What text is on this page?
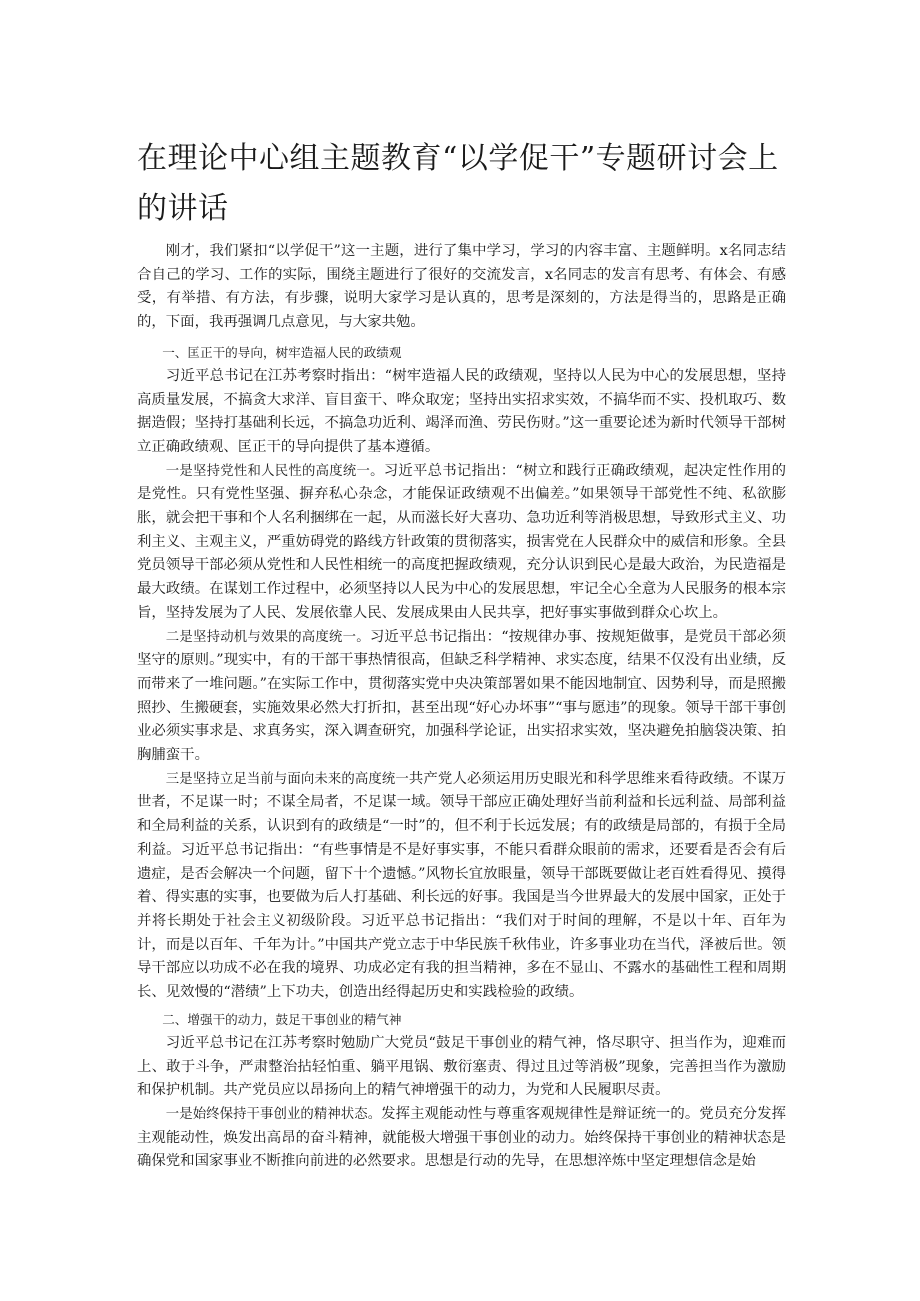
在理论中心组主题教育“以学促干”专题研讨会上的讲话

刚才，我们紧扣“以学促干”这一主题，进行了集中学习，学习的内容丰富、主题鲜明。x名同志结合自己的学习、工作的实际，围绕主题进行了很好的交流发言，x名同志的发言有思考、有体会、有感受，有举措、有方法，有步骤，说明大家学习是认真的，思考是深刻的，方法是得当的，思路是正确的，下面，我再强调几点意见，与大家共勉。

一、匡正干的导向，树牢造福人民的政绩观

习近平总书记在江苏考察时指出：“树牢造福人民的政绩观，坚持以人民为中心的发展思想，坚持高质量发展，不搞贪大求洋、盲目蛮干、哗众取宠；坚持出实招求实效，不搞华而不实、投机取巧、数据造假；坚持打基础利长远，不搞急功近利、竭泽而渔、劳民伤财。”这一重要论述为新时代领导干部树立正确政绩观、匡正干的导向提供了基本遵循。

一是坚持党性和人民性的高度统一。习近平总书记指出：“树立和践行正确政绩观，起决定性作用的是党性。只有党性坚强、摒弃私心杂念，才能保证政绩观不出偏差。”如果领导干部党性不纯、私欲膨胀，就会把干事和个人名利捆绑在一起，从而滋长好大喜功、急功近利等消极思想，导致形式主义、功利主义、主观主义，严重妨碍党的路线方针政策的贯彻落实，损害党在人民群众中的威信和形象。全县党员领导干部必须从党性和人民性相统一的高度把握政绩观，充分认识到民心是最大政治，为民造福是最大政绩。在谋划工作过程中，必须坚持以人民为中心的发展思想，牢记全心全意为人民服务的根本宗旨，坚持发展为了人民、发展依靠人民、发展成果由人民共享，把好事实事做到群众心坎上。

二是坚持动机与效果的高度统一。习近平总书记指出：“按规律办事、按规矩做事，是党员干部必须坚守的原则。”现实中，有的干部干事热情很高，但缺乏科学精神、求实态度，结果不仅没有出业绩，反而带来了一堆问题。”在实际工作中，贯彻落实党中央决策部署如果不能因地制宜、因势利导，而是照搬照抄、生搬硬套，实施效果必然大打折扣，甚至出现“好心办坏事”“事与愿违”的现象。领导干部干事创业必须实事求是、求真务实，深入调查研究，加强科学论证，出实招求实效，坚决避免拍脑袋决策、拍胸脯蛮干。

三是坚持立足当前与面向未来的高度统一共产党人必须运用历史眼光和科学思维来看待政绩。不谋万世者，不足谋一时；不谋全局者，不足谋一域。领导干部应正确处理好当前利益和长远利益、局部利益和全局利益的关系，认识到有的政绩是“一时”的，但不利于长远发展；有的政绩是局部的，有损于全局利益。习近平总书记指出：“有些事情是不是好事实事，不能只看群众眼前的需求，还要看是否会有后遗症，是否会解决一个问题，留下十个遗憾。”风物长宜放眼量，领导干部既要做让老百姓看得见、摸得着、得实惠的实事，也要做为后人打基础、利长远的好事。我国是当今世界最大的发展中国家，正处于并将长期处于社会主义初级阶段。习近平总书记指出：“我们对于时间的理解，不是以十年、百年为计，而是以百年、千年为计。”中国共产党立志于中华民族千秋伟业，许多事业功在当代，泽被后世。领导干部应以功成不必在我的境界、功成必定有我的担当精神，多在不显山、不露水的基础性工程和周期长、见效慢的“潜绩”上下功夫，创造出经得起历史和实践检验的政绩。

二、增强干的动力，鼓足干事创业的精气神

习近平总书记在江苏考察时勉励广大党员“鼓足干事创业的精气神，恪尽职守、担当作为，迎难而上、敢于斗争，严肃整治拈轻怕重、躺平甩锅、敷衍塞责、得过且过等消极”现象，完善担当作为激励和保护机制。共产党员应以昂扬向上的精气神增强干的动力，为党和人民履职尽责。

一是始终保持干事创业的精神状态。发挥主观能动性与尊重客观规律性是辩证统一的。党员充分发挥主观能动性，焕发出高昂的奋斗精神，就能极大增强干事创业的动力。始终保持干事创业的精神状态是确保党和国家事业不断推向前进的必然要求。思想是行动的先导，在思想淬炼中坚定理想信念是始
